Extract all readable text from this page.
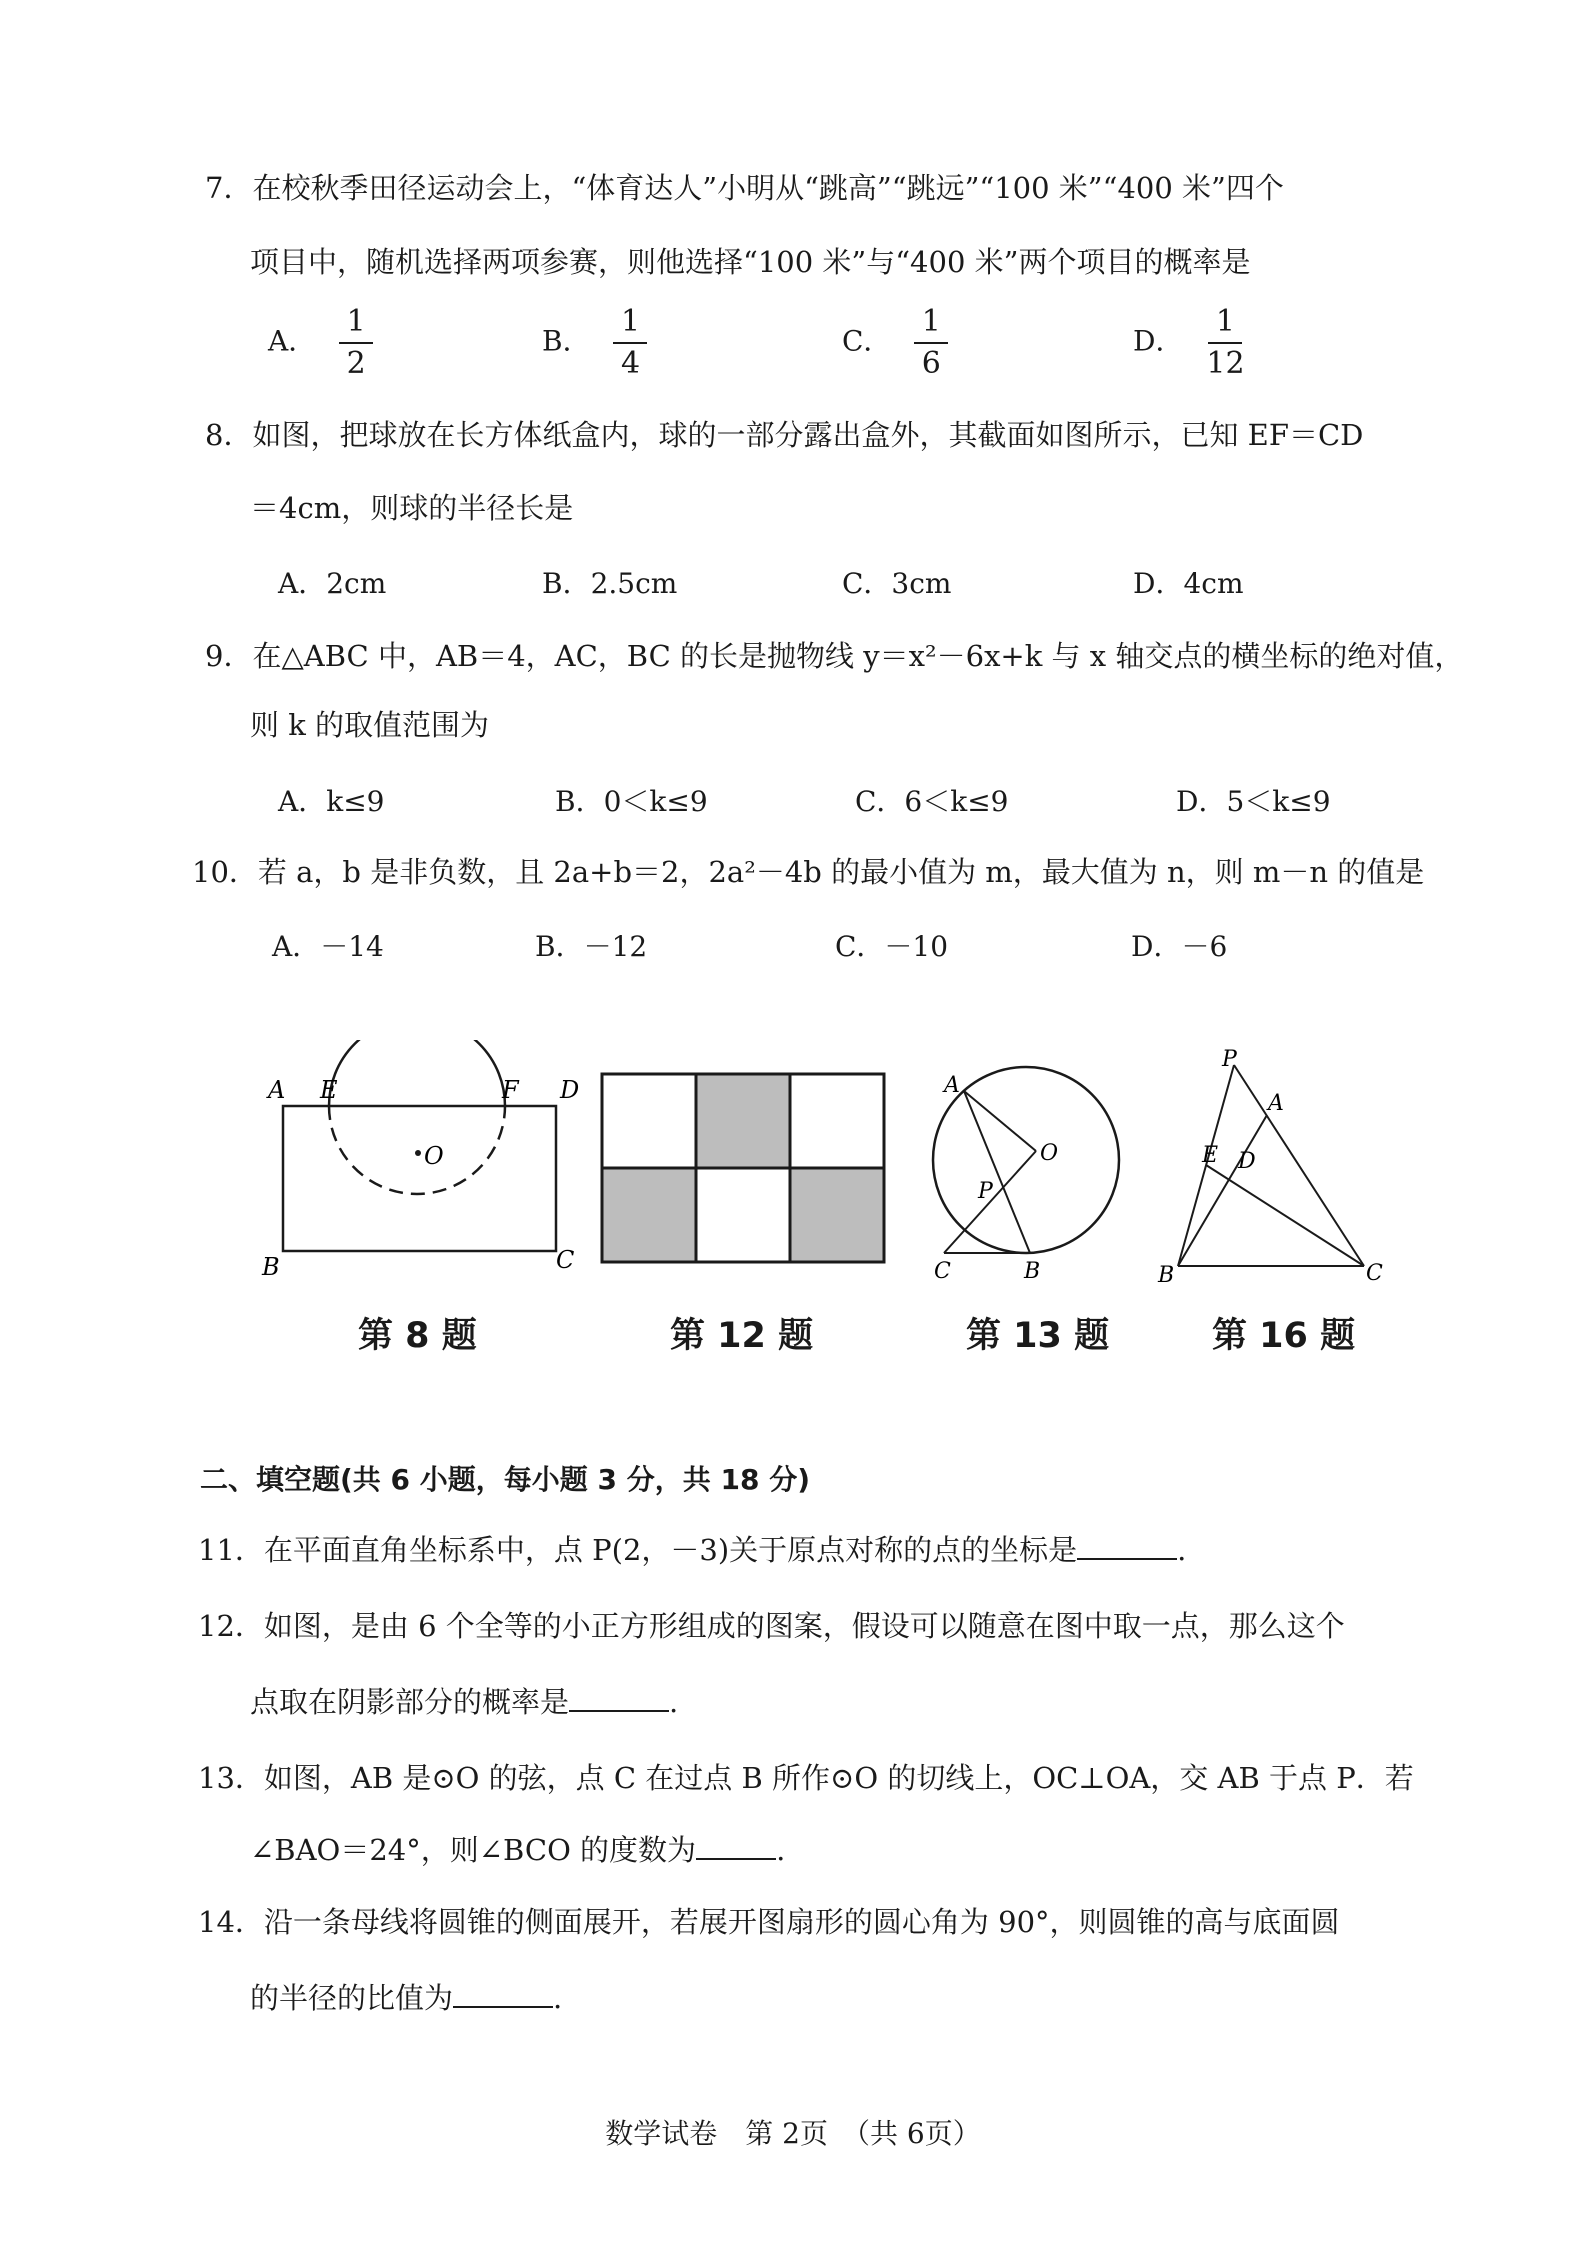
7．在校秋季田径运动会上，“体育达人”小明从“跳高”“跳远”“100 米”“400 米”四个
项目中，随机选择两项参赛，则他选择“100 米”与“400 米”两个项目的概率是
A． $\frac{1}{2}$	B． $\frac{1}{4}$	C． $\frac{1}{6}$	D． $\frac{1}{12}$
8．如图，把球放在长方体纸盒内，球的一部分露出盒外，其截面如图所示，已知 EF＝CD
＝4cm，则球的半径长是
A．2cm	B．2.5cm	C．3cm	D．4cm
9．在△ABC 中，AB＝4，AC，BC 的长是抛物线 y＝x²－6x+k 与 x 轴交点的横坐标的绝对值，
则 k 的取值范围为
A．k≤9	B．0＜k≤9	C．6＜k≤9	D．5＜k≤9
10．若 a，b 是非负数，且 2a+b＝2，2a²－4b 的最小值为 m，最大值为 n，则 m－n 的值是
A．－14	B．－12	C．－10	D．－6
A E	F D
O
B	C
A
O
P
C	B
P
A
E D
B	C
第 8 题	第 12 题	第 13 题	第 16 题
二、填空题(共 6 小题，每小题 3 分，共 18 分)
11．在平面直角坐标系中，点 P(2，－3)关于原点对称的点的坐标是	.
12．如图，是由 6 个全等的小正方形组成的图案，假设可以随意在图中取一点，那么这个
点取在阴影部分的概率是	.
13．如图，AB 是⊙O 的弦，点 C 在过点 B 所作⊙O 的切线上，OC⊥OA，交 AB 于点 P．若
∠BAO＝24°，则∠BCO 的度数为	.
14．沿一条母线将圆锥的侧面展开，若展开图扇形的圆心角为 90°，则圆锥的高与底面圆
的半径的比值为	.
数学试卷　第 2页　（共 6页）
